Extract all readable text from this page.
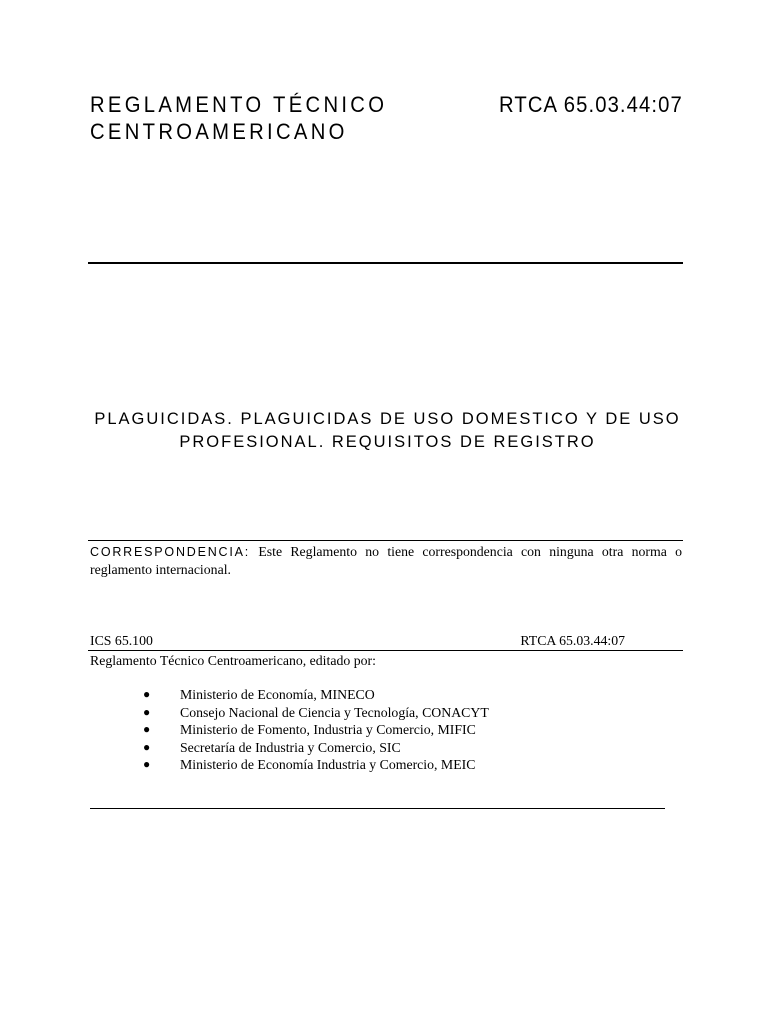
REGLAMENTO TÉCNICO
CENTROAMERICANO
RTCA 65.03.44:07
PLAGUICIDAS. PLAGUICIDAS DE USO DOMESTICO Y DE USO
PROFESIONAL. REQUISITOS DE REGISTRO
CORRESPONDENCIA: Este Reglamento no tiene correspondencia con ninguna otra norma o reglamento internacional.
ICS 65.100	RTCA 65.03.44:07
Reglamento Técnico Centroamericano, editado por:
● Ministerio de Economía, MINECO
● Consejo Nacional de Ciencia y Tecnología, CONACYT
● Ministerio de Fomento, Industria y Comercio, MIFIC
● Secretaría de Industria y Comercio, SIC
● Ministerio de Economía Industria y Comercio, MEIC
